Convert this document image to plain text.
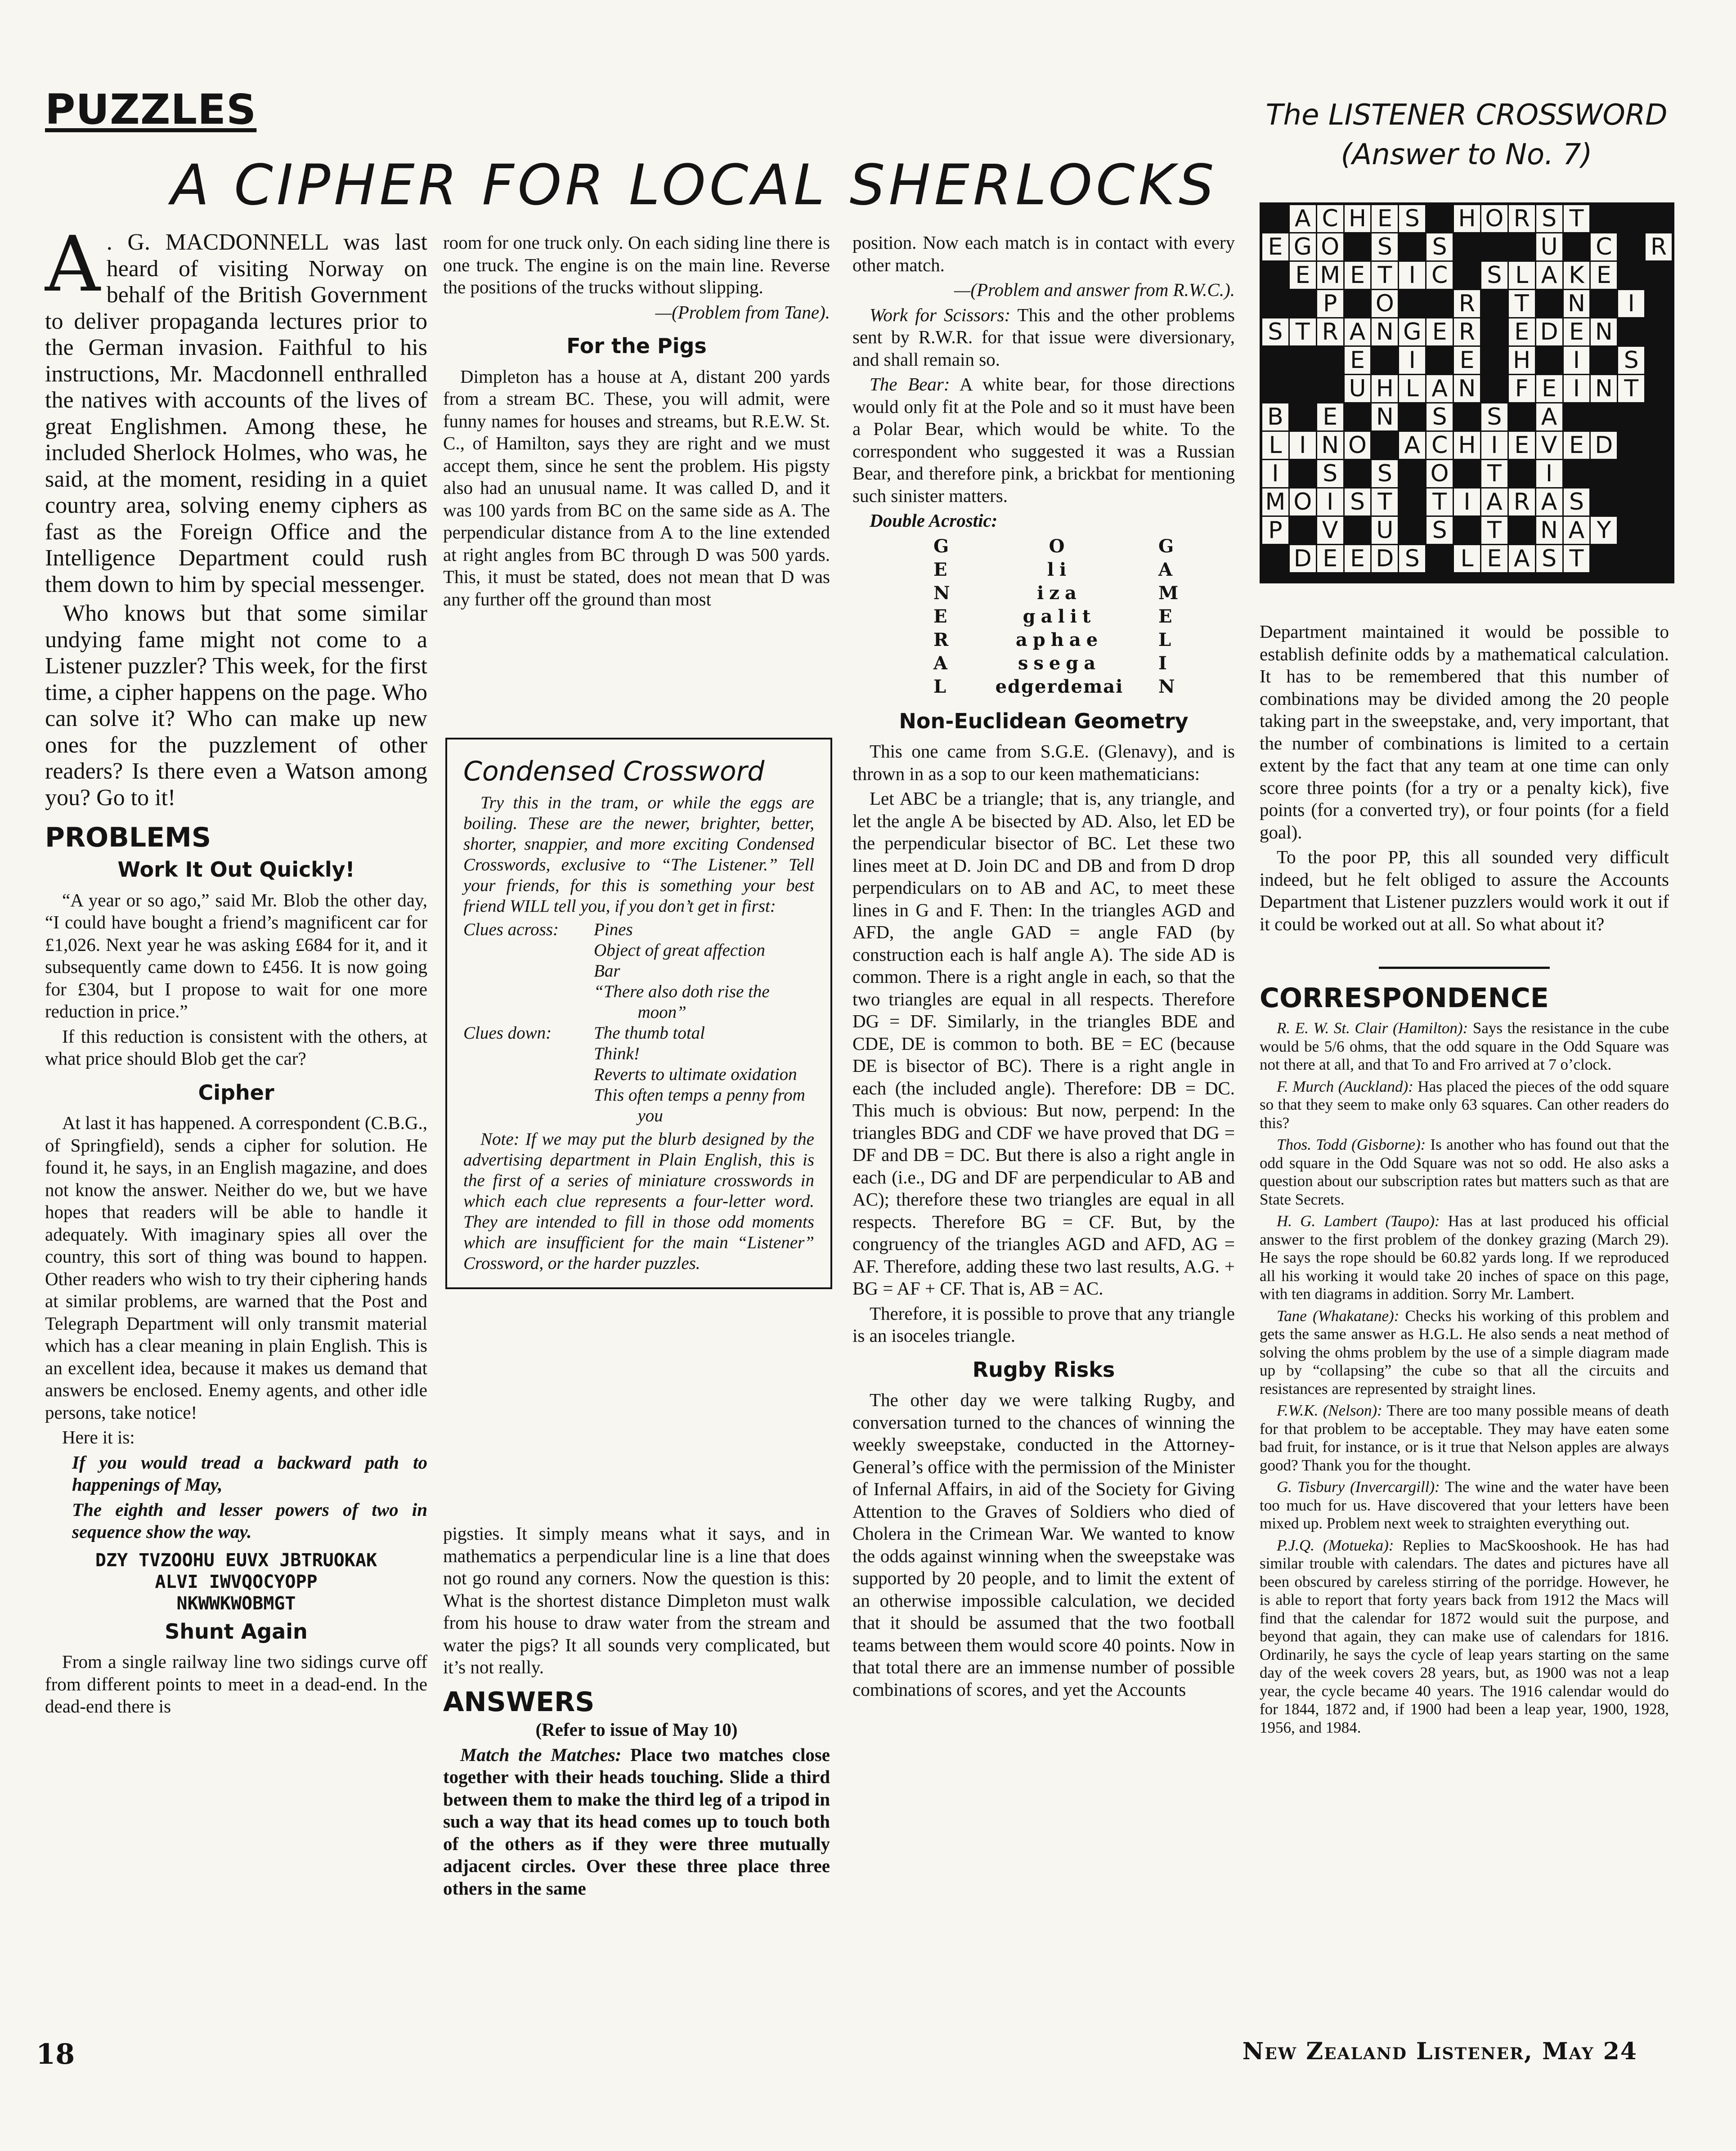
PUZZLES
A CIPHER FOR LOCAL SHERLOCKS
The LISTENER CROSSWORD
(Answer to No. 7)
A C H E S H O R S T
E G O S S	U C R
E M E T I C S L A K E
P O	R T N	I
S T R A N G E R E D E N
E	I	E H	I	S
U H L A N F E I N T
B E N S S A
L I N O A C H I E V E D
I	S S O T	I
M O I S T T I A R A S
P V U S T N A Y
D E E D S L E A S T

A . G. MACDONNELL was last heard of visiting Norway on behalf of the British Government to deliver propaganda lectures prior to the German invasion. Faithful to his instructions, Mr. Macdonnell enthralled the natives with accounts of the lives of great Englishmen. Among these, he included Sherlock Holmes, who was, he said, at the moment, residing in a quiet country area, solving enemy ciphers as fast as the Foreign Office and the Intelligence Department could rush them down to him by special messenger.

Who knows but that some similar undying fame might not come to a Listener puzzler? This week, for the first time, a cipher happens on the page. Who can solve it? Who can make up new ones for the puzzlement of other readers? Is there even a Watson among you? Go to it!

PROBLEMS
Work It Out Quickly!

“A year or so ago,” said Mr. Blob the other day, “I could have bought a friend’s magnificent car for £1,026. Next year he was asking £684 for it, and it subsequently came down to £456. It is now going for £304, but I propose to wait for one more reduction in price.”

If this reduction is consistent with the others, at what price should Blob get the car?

Cipher

At last it has happened. A correspondent (C.B.G., of Springfield), sends a cipher for solution. He found it, he says, in an English magazine, and does not know the answer. Neither do we, but we have hopes that readers will be able to handle it adequately. With imaginary spies all over the country, this sort of thing was bound to happen. Other readers who wish to try their ciphering hands at similar problems, are warned that the Post and Telegraph Department will only transmit material which has a clear meaning in plain English. This is an excellent idea, because it makes us demand that answers be enclosed. Enemy agents, and other idle persons, take notice!

Here it is:

If you would tread a backward path to happenings of May,

The eighth and lesser powers of two in sequence show the way.

DZY TVZOOHU EUVX JBTRUOKAK
ALVI IWVQOCYOPP
NKWWKWOBMGT
Shunt Again

From a single railway line two sidings curve off from different points to meet in a dead-end. In the dead-end there is

room for one truck only. On each siding line there is one truck. The engine is on the main line. Reverse the positions of the trucks without slipping.

—(Problem from Tane).

For the Pigs

Dimpleton has a house at A, distant 200 yards from a stream BC. These, you will admit, were funny names for houses and streams, but R.E.W. St. C., of Hamilton, says they are right and we must accept them, since he sent the problem. His pigsty also had an unusual name. It was called D, and it was 100 yards from BC on the same side as A. The perpendicular distance from A to the line extended at right angles from BC through D was 500 yards. This, it must be stated, does not mean that D was any further off the ground than most

Condensed Crossword

Try this in the tram, or while the eggs are boiling. These are the newer, brighter, better, shorter, snappier, and more exciting Condensed Crosswords, exclusive to “The Listener.” Tell your friends, for this is something your best friend WILL tell you, if you don’t get in first:

Clues across:	Pines
Object of great affection
Bar
“There also doth rise the moon”
Clues down:	The thumb total
Think!
Reverts to ultimate oxidation
This often temps a penny from you

Note: If we may put the blurb designed by the advertising department in Plain English, this is the first of a series of miniature crosswords in which each clue represents a four-letter word. They are intended to fill in those odd moments which are insufficient for the main “Listener” Crossword, or the harder puzzles.

pigsties. It simply means what it says, and in mathematics a perpendicular line is a line that does not go round any corners. Now the question is this: What is the shortest distance Dimpleton must walk from his house to draw water from the stream and water the pigs? It all sounds very complicated, but it’s not really.

ANSWERS

(Refer to issue of May 10)

Match the Matches: Place two matches close together with their heads touching. Slide a third between them to make the third leg of a tripod in such a way that its head comes up to touch both of the others as if they were three mutually adjacent circles. Over these three place three others in the same

position. Now each match is in contact with every other match.

—(Problem and answer from R.W.C.).

Work for Scissors: This and the other problems sent by R.W.R. for that issue were diversionary, and shall remain so.

The Bear: A white bear, for those directions would only fit at the Pole and so it must have been a Polar Bear, which would be white. To the correspondent who suggested it was a Russian Bear, and therefore pink, a brickbat for mentioning such sinister matters.

Double Acrostic:

G	O	G
E	li	A
N	iza	M
E	galit	E
R	aphae	L
A	ssega	I
L	edgerdemai	N
Non-Euclidean Geometry

This one came from S.G.E. (Glenavy), and is thrown in as a sop to our keen mathematicians:

Let ABC be a triangle; that is, any triangle, and let the angle A be bisected by AD. Also, let ED be the perpendicular bisector of BC. Let these two lines meet at D. Join DC and DB and from D drop perpendiculars on to AB and AC, to meet these lines in G and F. Then: In the triangles AGD and AFD, the angle GAD = angle FAD (by construction each is half angle A). The side AD is common. There is a right angle in each, so that the two triangles are equal in all respects. Therefore DG = DF. Similarly, in the triangles BDE and CDE, DE is common to both. BE = EC (because DE is bisector of BC). There is a right angle in each (the included angle). Therefore: DB = DC. This much is obvious: But now, perpend: In the triangles BDG and CDF we have proved that DG = DF and DB = DC. But there is also a right angle in each (i.e., DG and DF are perpendicular to AB and AC); therefore these two triangles are equal in all respects. Therefore BG = CF. But, by the congruency of the triangles AGD and AFD, AG = AF. Therefore, adding these two last results, A.G. + BG = AF + CF. That is, AB = AC.

Therefore, it is possible to prove that any triangle is an isoceles triangle.

Rugby Risks

The other day we were talking Rugby, and conversation turned to the chances of winning the weekly sweepstake, conducted in the Attorney-General’s office with the permission of the Minister of Infernal Affairs, in aid of the Society for Giving Attention to the Graves of Soldiers who died of Cholera in the Crimean War. We wanted to know the odds against winning when the sweepstake was supported by 20 people, and to limit the extent of an otherwise impossible calculation, we decided that it should be assumed that the two football teams between them would score 40 points. Now in that total there are an immense number of possible combinations of scores, and yet the Accounts

Department maintained it would be possible to establish definite odds by a mathematical calculation. It has to be remembered that this number of combinations may be divided among the 20 people taking part in the sweepstake, and, very important, that the number of combinations is limited to a certain extent by the fact that any team at one time can only score three points (for a try or a penalty kick), five points (for a converted try), or four points (for a field goal).

To the poor PP, this all sounded very difficult indeed, but he felt obliged to assure the Accounts Department that Listener puzzlers would work it out if it could be worked out at all. So what about it?

CORRESPONDENCE

R. E. W. St. Clair (Hamilton): Says the resistance in the cube would be 5/6 ohms, that the odd square in the Odd Square was not there at all, and that To and Fro arrived at 7 o’clock.

F. Murch (Auckland): Has placed the pieces of the odd square so that they seem to make only 63 squares. Can other readers do this?

Thos. Todd (Gisborne): Is another who has found out that the odd square in the Odd Square was not so odd. He also asks a question about our subscription rates but matters such as that are State Secrets.

H. G. Lambert (Taupo): Has at last produced his official answer to the first problem of the donkey grazing (March 29). He says the rope should be 60.82 yards long. If we reproduced all his working it would take 20 inches of space on this page, with ten diagrams in addition. Sorry Mr. Lambert.

Tane (Whakatane): Checks his working of this problem and gets the same answer as H.G.L. He also sends a neat method of solving the ohms problem by the use of a simple diagram made up by “collapsing” the cube so that all the circuits and resistances are represented by straight lines.

F.W.K. (Nelson): There are too many possible means of death for that problem to be acceptable. They may have eaten some bad fruit, for instance, or is it true that Nelson apples are always good? Thank you for the thought.

G. Tisbury (Invercargill): The wine and the water have been too much for us. Have discovered that your letters have been mixed up. Problem next week to straighten everything out.

P.J.Q. (Motueka): Replies to MacSkooshook. He has had similar trouble with calendars. The dates and pictures have all been obscured by careless stirring of the porridge. However, he is able to report that forty years back from 1912 the Macs will find that the calendar for 1872 would suit the purpose, and beyond that again, they can make use of calendars for 1816. Ordinarily, he says the cycle of leap years starting on the same day of the week covers 28 years, but, as 1900 was not a leap year, the cycle became 40 years. The 1916 calendar would do for 1844, 1872 and, if 1900 had been a leap year, 1900, 1928, 1956, and 1984.

18	New Zealand Listener, May 24
